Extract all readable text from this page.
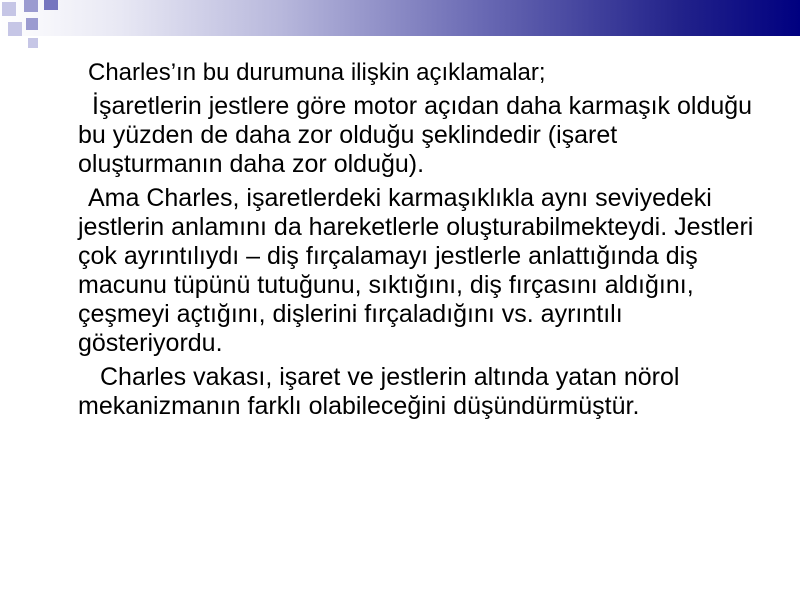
Charles’ın bu durumuna ilişkin açıklamalar;

İşaretlerin jestlere göre motor açıdan daha karmaşık olduğu bu yüzden de daha zor olduğu şeklindedir (işaret oluşturmanın daha zor olduğu).

Ama Charles, işaretlerdeki karmaşıklıkla aynı seviyedeki jestlerin anlamını da hareketlerle oluşturabilmekteydi. Jestleri çok ayrıntılıydı – diş fırçalamayı jestlerle anlattığında diş macunu tüpünü tutuğunu, sıktığını, diş fırçasını aldığını, çeşmeyi açtığını, dişlerini fırçaladığını vs. ayrıntılı gösteriyordu.

Charles vakası, işaret ve jestlerin altında yatan nörol mekanizmanın farklı olabileceğini düşündürmüştür.
